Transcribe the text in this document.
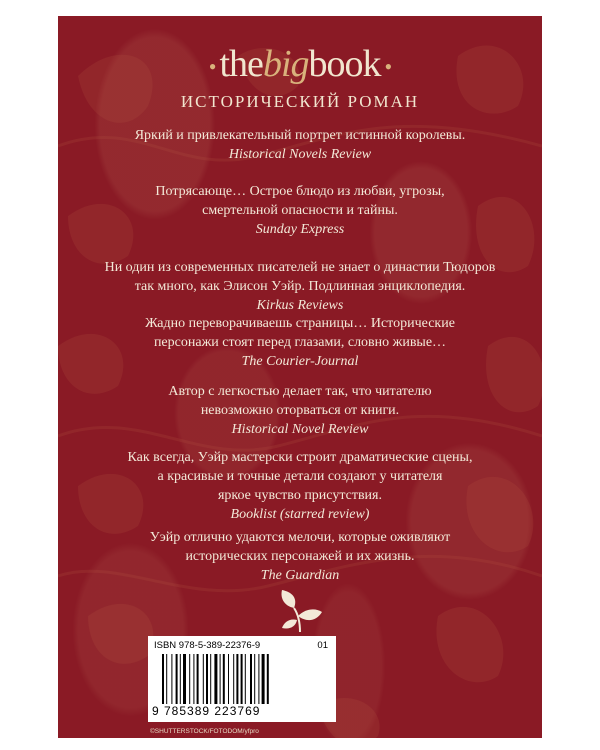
• thebigbook •
ИСТОРИЧЕСКИЙ РОМАН
Яркий и привлекательный портрет истинной королевы.
Historical Novels Review
Потрясающе… Острое блюдо из любви, угрозы,
смертельной опасности и тайны.
Sunday Express
Ни один из современных писателей не знает о династии Тюдоров
так много, как Элисон Уэйр. Подлинная энциклопедия.
Kirkus Reviews
Жадно переворачиваешь страницы… Исторические
персонажи стоят перед глазами, словно живые…
The Courier-Journal
Автор с легкостью делает так, что читателю
невозможно оторваться от книги.
Historical Novel Review
Как всегда, Уэйр мастерски строит драматические сцены,
а красивые и точные детали создают у читателя
яркое чувство присутствия.
Booklist (starred review)
Уэйр отлично удаются мелочи, которые оживляют
исторических персонажей и их жизнь.
The Guardian
ISBN 978-5-389-22376-9	01
9 785389 223769
©SHUTTERSTOCK/FOTODOM/yfpro
